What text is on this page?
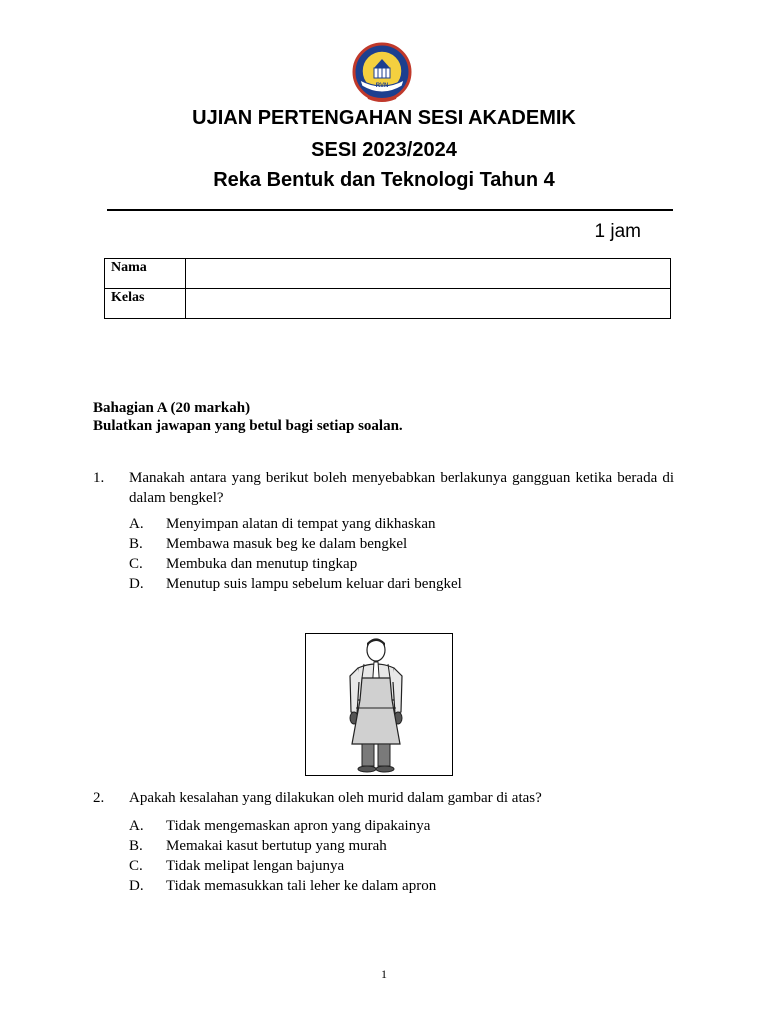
RVN
UJIAN PERTENGAHAN SESI AKADEMIK
SESI 2023/2024
Reka Bentuk dan Teknologi Tahun 4
1 jam
Nama	
Kelas	
Bahagian A (20 markah)
Bulatkan jawapan yang betul bagi setiap soalan.
1. Manakah antara yang berikut boleh menyebabkan berlakunya gangguan ketika berada di dalam bengkel?
A.	Menyimpan alatan di tempat yang dikhaskan
B.	Membawa masuk beg ke dalam bengkel
C.	Membuka dan menutup tingkap
D.	Menutup suis lampu sebelum keluar dari bengkel
2. Apakah kesalahan yang dilakukan oleh murid dalam gambar di atas?
A.	Tidak mengemaskan apron yang dipakainya
B.	Memakai kasut bertutup yang murah
C.	Tidak melipat lengan bajunya
D.	Tidak memasukkan tali leher ke dalam apron
1
